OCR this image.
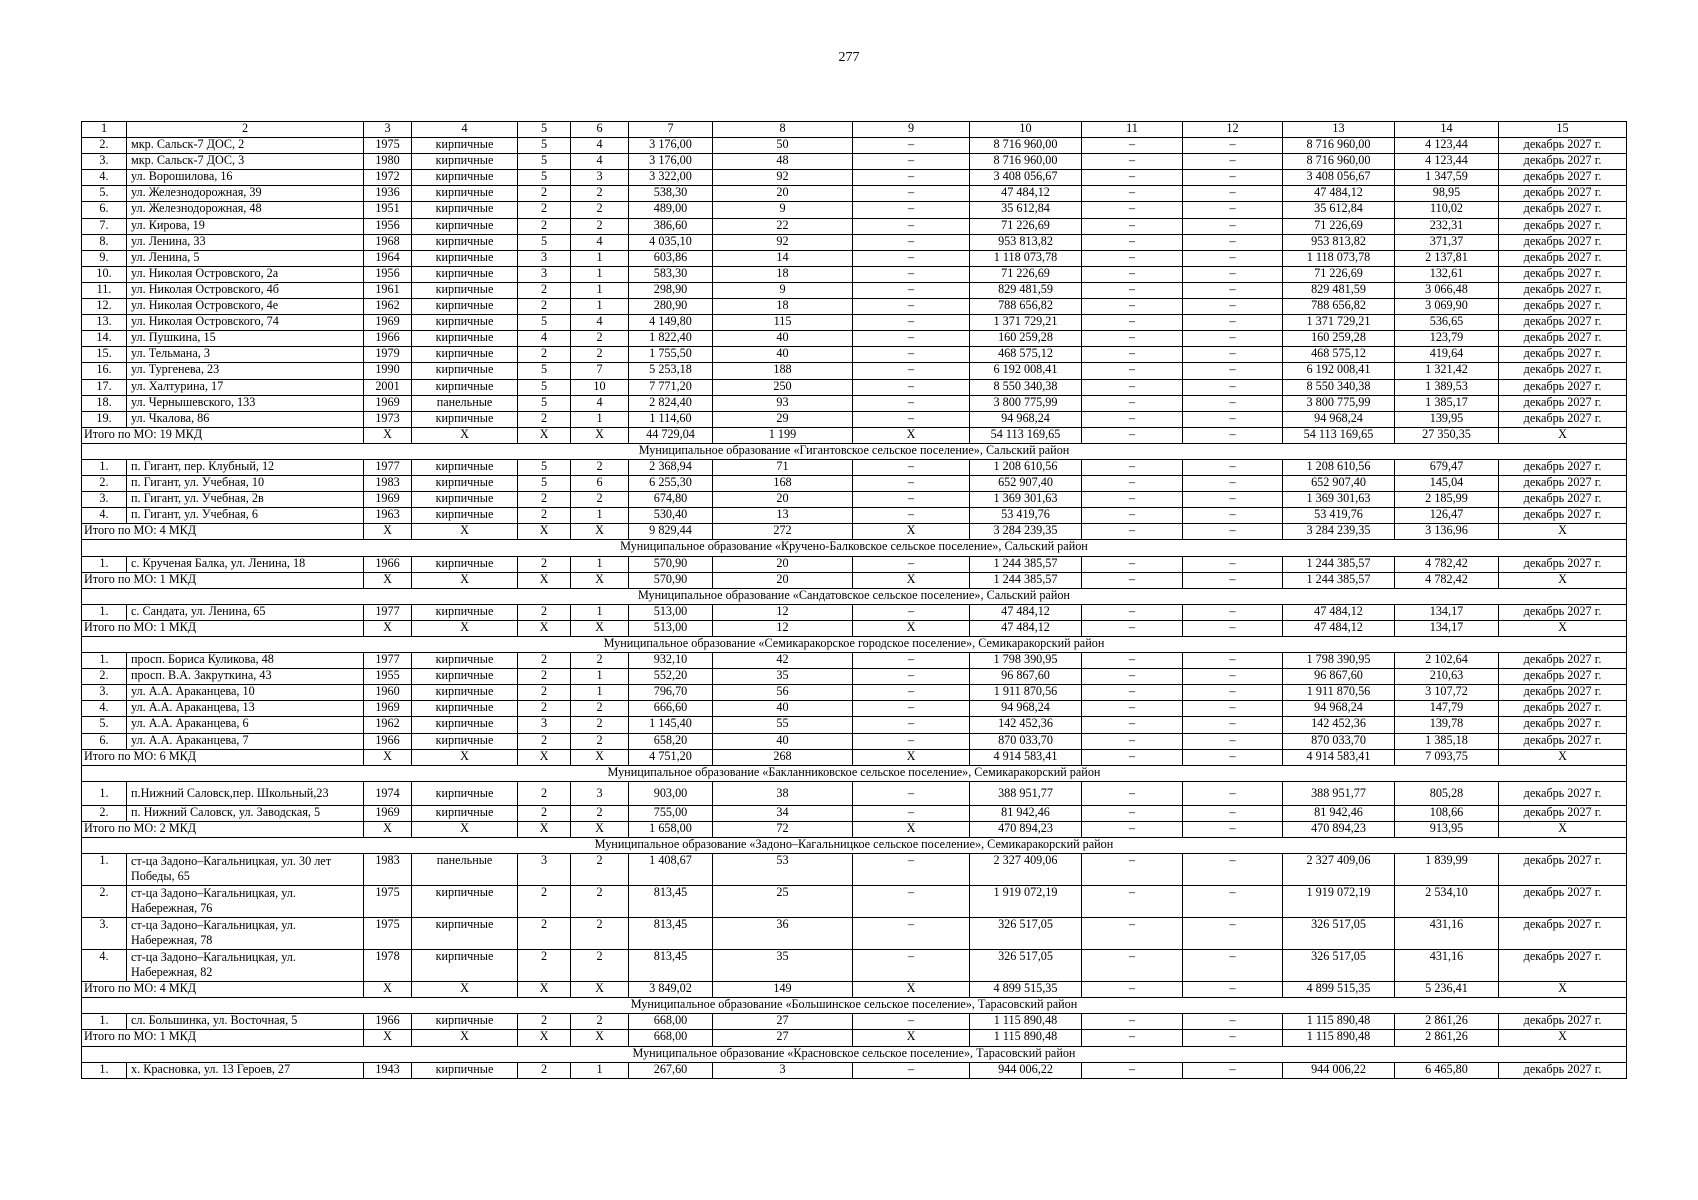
277
1	2	3	4	5	6	7	8	9	10	11	12	13	14	15
2.	мкр. Сальск-7 ДОС, 2	1975	кирпичные	5	4	3 176,00	50	–	8 716 960,00	–	–	8 716 960,00	4 123,44	декабрь 2027 г.
3.	мкр. Сальск-7 ДОС, 3	1980	кирпичные	5	4	3 176,00	48	–	8 716 960,00	–	–	8 716 960,00	4 123,44	декабрь 2027 г.
4.	ул. Ворошилова, 16	1972	кирпичные	5	3	3 322,00	92	–	3 408 056,67	–	–	3 408 056,67	1 347,59	декабрь 2027 г.
5.	ул. Железнодорожная, 39	1936	кирпичные	2	2	538,30	20	–	47 484,12	–	–	47 484,12	98,95	декабрь 2027 г.
6.	ул. Железнодорожная, 48	1951	кирпичные	2	2	489,00	9	–	35 612,84	–	–	35 612,84	110,02	декабрь 2027 г.
7.	ул. Кирова, 19	1956	кирпичные	2	2	386,60	22	–	71 226,69	–	–	71 226,69	232,31	декабрь 2027 г.
8.	ул. Ленина, 33	1968	кирпичные	5	4	4 035,10	92	–	953 813,82	–	–	953 813,82	371,37	декабрь 2027 г.
9.	ул. Ленина, 5	1964	кирпичные	3	1	603,86	14	–	1 118 073,78	–	–	1 118 073,78	2 137,81	декабрь 2027 г.
10.	ул. Николая Островского, 2а	1956	кирпичные	3	1	583,30	18	–	71 226,69	–	–	71 226,69	132,61	декабрь 2027 г.
11.	ул. Николая Островского, 4б	1961	кирпичные	2	1	298,90	9	–	829 481,59	–	–	829 481,59	3 066,48	декабрь 2027 г.
12.	ул. Николая Островского, 4е	1962	кирпичные	2	1	280,90	18	–	788 656,82	–	–	788 656,82	3 069,90	декабрь 2027 г.
13.	ул. Николая Островского, 74	1969	кирпичные	5	4	4 149,80	115	–	1 371 729,21	–	–	1 371 729,21	536,65	декабрь 2027 г.
14.	ул. Пушкина, 15	1966	кирпичные	4	2	1 822,40	40	–	160 259,28	–	–	160 259,28	123,79	декабрь 2027 г.
15.	ул. Тельмана, 3	1979	кирпичные	2	2	1 755,50	40	–	468 575,12	–	–	468 575,12	419,64	декабрь 2027 г.
16.	ул. Тургенева, 23	1990	кирпичные	5	7	5 253,18	188	–	6 192 008,41	–	–	6 192 008,41	1 321,42	декабрь 2027 г.
17.	ул. Халтурина, 17	2001	кирпичные	5	10	7 771,20	250	–	8 550 340,38	–	–	8 550 340,38	1 389,53	декабрь 2027 г.
18.	ул. Чернышевского, 133	1969	панельные	5	4	2 824,40	93	–	3 800 775,99	–	–	3 800 775,99	1 385,17	декабрь 2027 г.
19.	ул. Чкалова, 86	1973	кирпичные	2	1	1 114,60	29	–	94 968,24	–	–	94 968,24	139,95	декабрь 2027 г.
Итого по МО: 19 МКД		X	X	X	X	44 729,04	1 199	X	54 113 169,65	–	–	54 113 169,65	27 350,35	X
Муниципальное образование «Гигантовское сельское поселение», Сальский район														
1.	п. Гигант, пер. Клубный, 12	1977	кирпичные	5	2	2 368,94	71	–	1 208 610,56	–	–	1 208 610,56	679,47	декабрь 2027 г.
2.	п. Гигант, ул. Учебная, 10	1983	кирпичные	5	6	6 255,30	168	–	652 907,40	–	–	652 907,40	145,04	декабрь 2027 г.
3.	п. Гигант, ул. Учебная, 2в	1969	кирпичные	2	2	674,80	20	–	1 369 301,63	–	–	1 369 301,63	2 185,99	декабрь 2027 г.
4.	п. Гигант, ул. Учебная, 6	1963	кирпичные	2	1	530,40	13	–	53 419,76	–	–	53 419,76	126,47	декабрь 2027 г.
Итого по МО: 4 МКД		X	X	X	X	9 829,44	272	X	3 284 239,35	–	–	3 284 239,35	3 136,96	X
Муниципальное образование «Кручено-Балковское сельское поселение», Сальский район														
1.	с. Крученая Балка, ул. Ленина, 18	1966	кирпичные	2	1	570,90	20	–	1 244 385,57	–	–	1 244 385,57	4 782,42	декабрь 2027 г.
Итого по МО: 1 МКД		X	X	X	X	570,90	20	X	1 244 385,57	–	–	1 244 385,57	4 782,42	X
Муниципальное образование «Сандатовское сельское поселение», Сальский район														
1.	с. Сандата, ул. Ленина, 65	1977	кирпичные	2	1	513,00	12	–	47 484,12	–	–	47 484,12	134,17	декабрь 2027 г.
Итого по МО: 1 МКД		X	X	X	X	513,00	12	X	47 484,12	–	–	47 484,12	134,17	X
Муниципальное образование «Семикаракорское городское поселение», Семикаракорский район														
1.	просп. Бориса Куликова, 48	1977	кирпичные	2	2	932,10	42	–	1 798 390,95	–	–	1 798 390,95	2 102,64	декабрь 2027 г.
2.	просп. В.А. Закруткина, 43	1955	кирпичные	2	1	552,20	35	–	96 867,60	–	–	96 867,60	210,63	декабрь 2027 г.
3.	ул. А.А. Араканцева, 10	1960	кирпичные	2	1	796,70	56	–	1 911 870,56	–	–	1 911 870,56	3 107,72	декабрь 2027 г.
4.	ул. А.А. Араканцева, 13	1969	кирпичные	2	2	666,60	40	–	94 968,24	–	–	94 968,24	147,79	декабрь 2027 г.
5.	ул. А.А. Араканцева, 6	1962	кирпичные	3	2	1 145,40	55	–	142 452,36	–	–	142 452,36	139,78	декабрь 2027 г.
6.	ул. А.А. Араканцева, 7	1966	кирпичные	2	2	658,20	40	–	870 033,70	–	–	870 033,70	1 385,18	декабрь 2027 г.
Итого по МО: 6 МКД		X	X	X	X	4 751,20	268	X	4 914 583,41	–	–	4 914 583,41	7 093,75	X
Муниципальное образование «Бакланниковское сельское поселение», Семикаракорский район														
1.	п.Нижний Саловск,пер. Школьный,23	1974	кирпичные	2	3	903,00	38	–	388 951,77	–	–	388 951,77	805,28	декабрь 2027 г.
2.	п. Нижний Саловск, ул. Заводская, 5	1969	кирпичные	2	2	755,00	34	–	81 942,46	–	–	81 942,46	108,66	декабрь 2027 г.
Итого по МО: 2 МКД		X	X	X	X	1 658,00	72	X	470 894,23	–	–	470 894,23	913,95	X
Муниципальное образование «Задоно–Кагальницкое сельское поселение», Семикаракорский район														
1.	ст-ца Задоно–Кагальницкая, ул. 30 лет Победы, 65	1983	панельные	3	2	1 408,67	53	–	2 327 409,06	–	–	2 327 409,06	1 839,99	декабрь 2027 г.
2.	ст-ца Задоно–Кагальницкая, ул. Набережная, 76	1975	кирпичные	2	2	813,45	25	–	1 919 072,19	–	–	1 919 072,19	2 534,10	декабрь 2027 г.
3.	ст-ца Задоно–Кагальницкая, ул. Набережная, 78	1975	кирпичные	2	2	813,45	36	–	326 517,05	–	–	326 517,05	431,16	декабрь 2027 г.
4.	ст-ца Задоно–Кагальницкая, ул. Набережная, 82	1978	кирпичные	2	2	813,45	35	–	326 517,05	–	–	326 517,05	431,16	декабрь 2027 г.
Итого по МО: 4 МКД		X	X	X	X	3 849,02	149	X	4 899 515,35	–	–	4 899 515,35	5 236,41	X
Муниципальное образование «Большинское сельское поселение», Тарасовский район														
1.	сл. Большинка, ул. Восточная, 5	1966	кирпичные	2	2	668,00	27	–	1 115 890,48	–	–	1 115 890,48	2 861,26	декабрь 2027 г.
Итого по МО: 1 МКД		X	X	X	X	668,00	27	X	1 115 890,48	–	–	1 115 890,48	2 861,26	X
Муниципальное образование «Красновское сельское поселение», Тарасовский район														
1.	х. Красновка, ул. 13 Героев, 27	1943	кирпичные	2	1	267,60	3	–	944 006,22	–	–	944 006,22	6 465,80	декабрь 2027 г.
